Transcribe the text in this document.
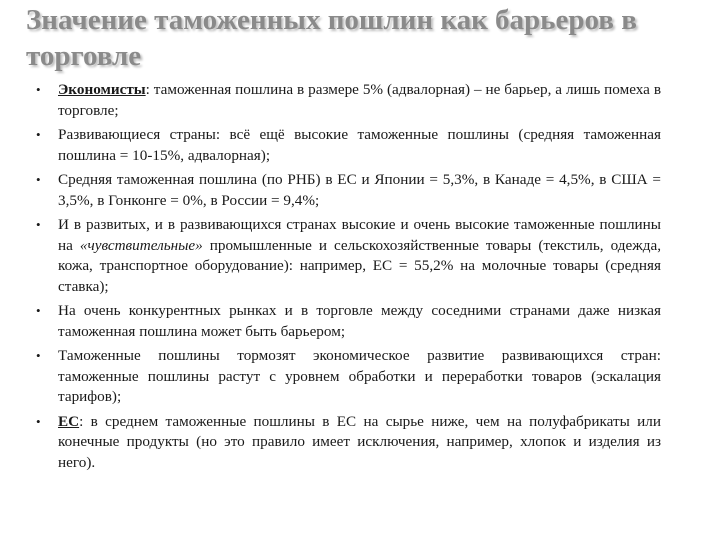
Значение таможенных пошлин как барьеров в торговле
• Экономисты: таможенная пошлина в размере 5% (адвалорная) – не барьер, а лишь помеха в торговле;
• Развивающиеся страны: всё ещё высокие таможенные пошлины (средняя таможенная пошлина = 10-15%, адвалорная);
• Средняя таможенная пошлина (по РНБ) в ЕС и Японии = 5,3%, в Канаде = 4,5%, в США = 3,5%, в Гонконге = 0%, в России = 9,4%;
• И в развитых, и в развивающихся странах высокие и очень высокие таможенные пошлины на «чувствительные» промышленные и сельскохозяйственные товары (текстиль, одежда, кожа, транспортное оборудование): например, ЕС = 55,2% на молочные товары (средняя ставка);
• На очень конкурентных рынках и в торговле между соседними странами даже низкая таможенная пошлина может быть барьером;
• Таможенные пошлины тормозят экономическое развитие развивающихся стран: таможенные пошлины растут с уровнем обработки и переработки товаров (эскалация тарифов);
• ЕС: в среднем таможенные пошлины в ЕС на сырье ниже, чем на полуфабрикаты или конечные продукты (но это правило имеет исключения, например, хлопок и изделия из него).
